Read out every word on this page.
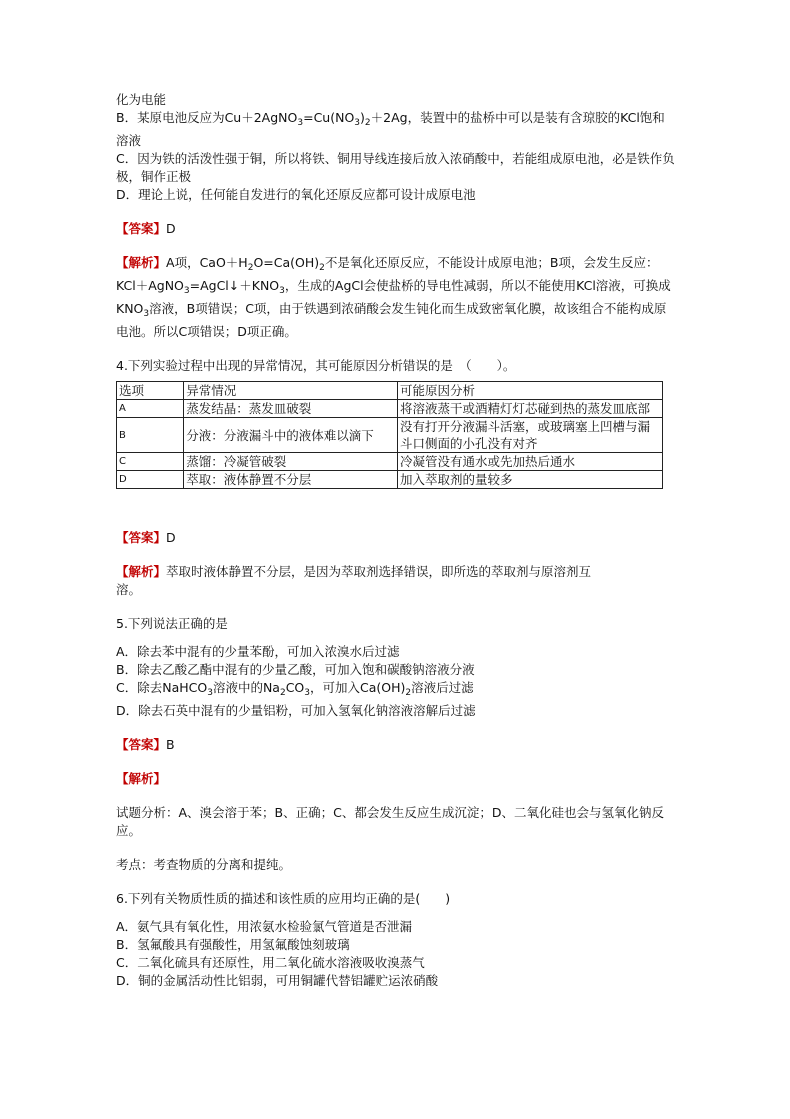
化为电能

B．某原电池反应为$Cu+2AgNO_3=Cu(NO_3)_2+2Ag$，装置中的盐桥中可以是装有含琼胶的KCl饱和溶液

C．因为铁的活泼性强于铜，所以将铁、铜用导线连接后放入浓硝酸中，若能组成原电池，必是铁作负极，铜作正极

D．理论上说，任何能自发进行的氧化还原反应都可设计成原电池

【答案】D

【解析】A项，$CaO+H_2O=Ca(OH)_2$不是氧化还原反应，不能设计成原电池；B项，会发生反应：$KCl+AgNO_3=AgCl↓+KNO_3$，生成的AgCl会使盐桥的导电性减弱，所以不能使用KCl溶液，可换成$KNO_3$溶液，B项错误；C项，由于铁遇到浓硝酸会发生钝化而生成致密氧化膜，故该组合不能构成原电池。所以C项错误；D项正确。

4.下列实验过程中出现的异常情况，其可能原因分析错误的是　（　　）。

选项	异常情况	可能原因分析
A	蒸发结晶：蒸发皿破裂	将溶液蒸干或酒精灯灯芯碰到热的蒸发皿底部
B	分液：分液漏斗中的液体难以滴下	没有打开分液漏斗活塞，或玻璃塞上凹槽与漏斗口侧面的小孔没有对齐
C	蒸馏：冷凝管破裂	冷凝管没有通水或先加热后通水
D	萃取：液体静置不分层	加入萃取剂的量较多

【答案】D

【解析】萃取时液体静置不分层，是因为萃取剂选择错误，即所选的萃取剂与原溶剂互溶。

5.下列说法正确的是

A．除去苯中混有的少量苯酚，可加入浓溴水后过滤

B．除去乙酸乙酯中混有的少量乙酸，可加入饱和碳酸钠溶液分液

C．除去NaHCO$_3$溶液中的$Na_2CO_3$，可加入$Ca(OH)_2$溶液后过滤

D．除去石英中混有的少量铝粉，可加入氢氧化钠溶液溶解后过滤

【答案】B

【解析】

试题分析：A、溴会溶于苯；B、正确；C、都会发生反应生成沉淀；D、二氧化硅也会与氢氧化钠反应。

考点：考查物质的分离和提纯。

6.下列有关物质性质的描述和该性质的应用均正确的是(　　)

A．氨气具有氧化性，用浓氨水检验氯气管道是否泄漏

B．氢氟酸具有强酸性，用氢氟酸蚀刻玻璃

C．二氧化硫具有还原性，用二氧化硫水溶液吸收溴蒸气

D．铜的金属活动性比铝弱，可用铜罐代替铝罐贮运浓硝酸
